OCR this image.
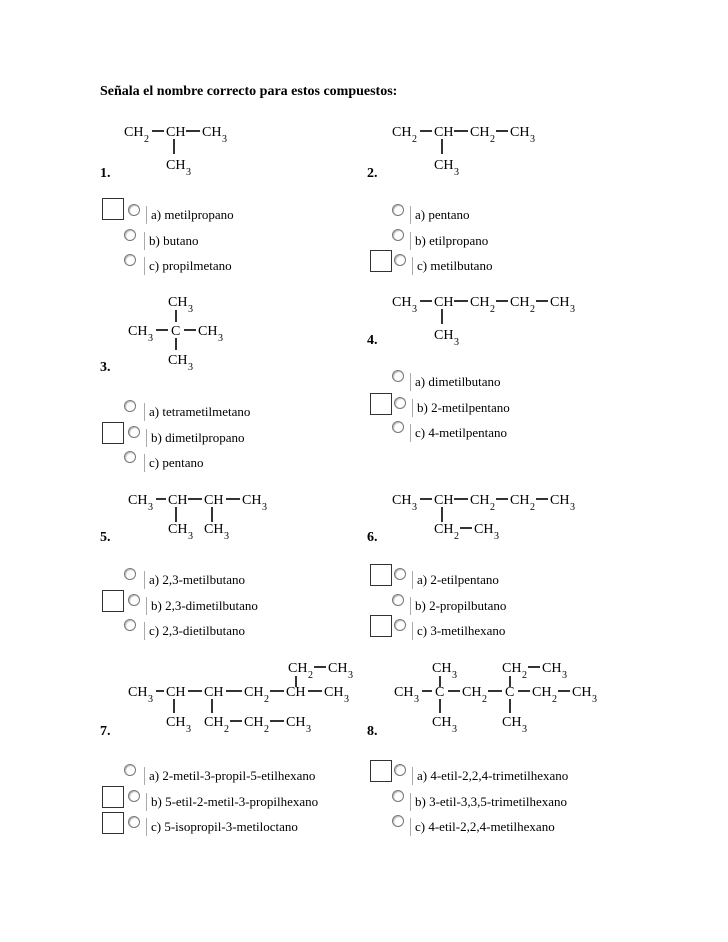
Señala el nombre correcto para estos compuestos:
CH 2 CH CH 3
CH 3
CH 2 CH CH 2 CH 3
CH 3
CH 3
CH 3 C CH 3
CH 3
CH 3 CH CH 2 CH 2 CH 3
CH 3
CH 3 CH CH CH 3
CH 3 CH 3
CH 3 CH CH 2 CH 2 CH 3
CH 2 CH 3
CH 2 CH 3
CH 3 CH CH CH 2 CH CH 3
CH 3 CH 2 CH 2 CH 3
CH 3	CH 2 CH 3
CH 3 C CH 2 C CH 2 CH 3
CH 3	CH 3
1.	2.
3.
4.
5.	6.
7.	8.
a) metilpropano
b) butano
c) propilmetano
a) pentano
b) etilpropano
c) metilbutano
a) tetrametilmetano
b) dimetilpropano
c) pentano
a) dimetilbutano
b) 2-metilpentano
c) 4-metilpentano
a) 2,3-metilbutano
b) 2,3-dimetilbutano
c) 2,3-dietilbutano
a) 2-etilpentano
b) 2-propilbutano
c) 3-metilhexano
a) 2-metil-3-propil-5-etilhexano
b) 5-etil-2-metil-3-propilhexano
c) 5-isopropil-3-metiloctano
a) 4-etil-2,2,4-trimetilhexano
b) 3-etil-3,3,5-trimetilhexano
c) 4-etil-2,2,4-metilhexano
